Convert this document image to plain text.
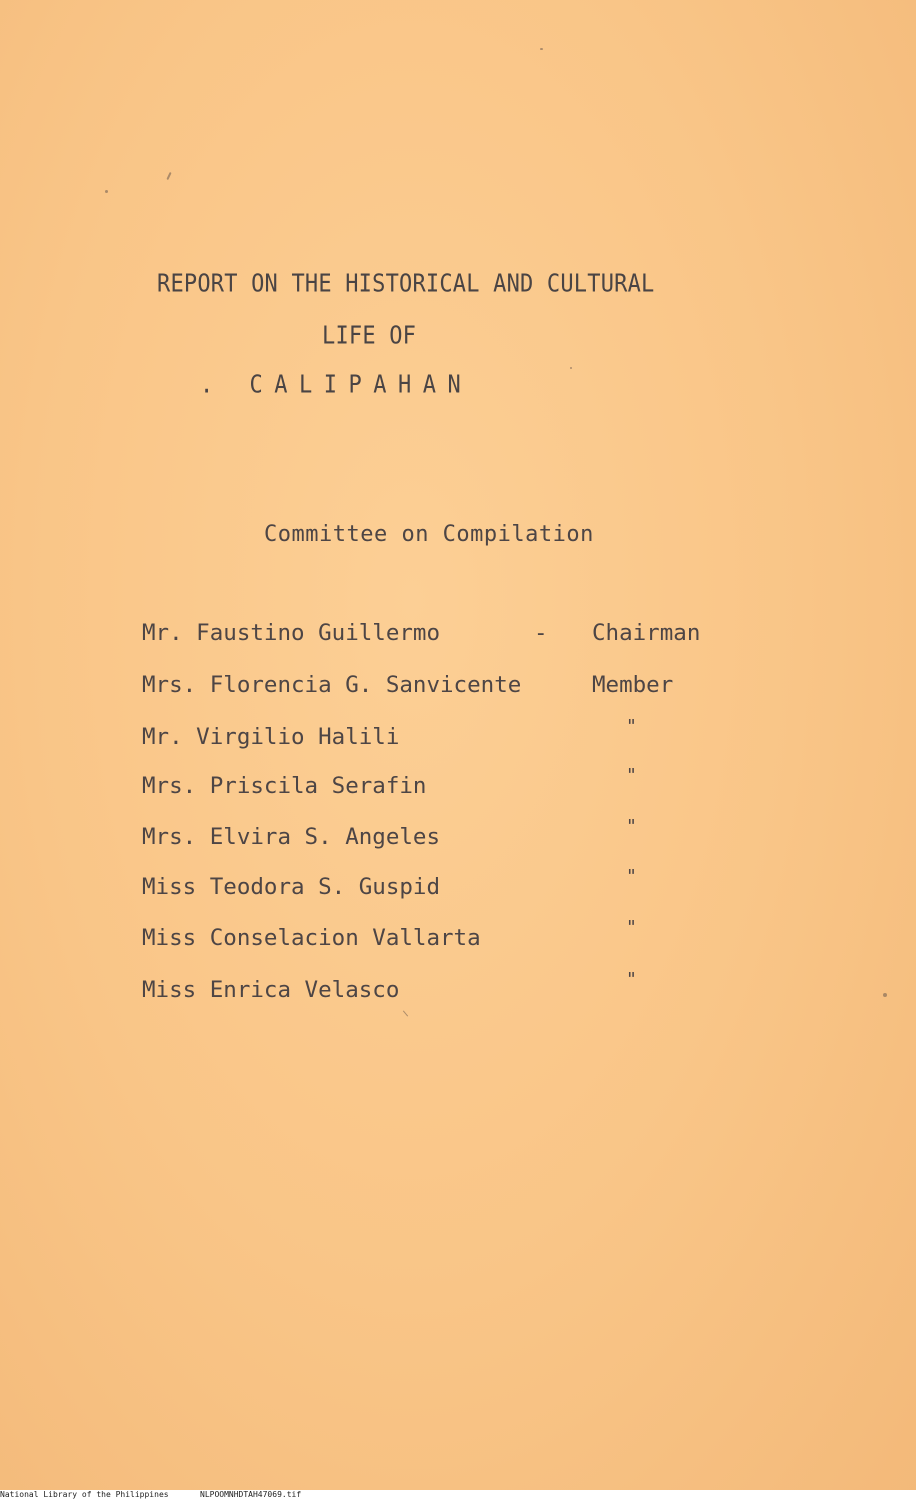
REPORT ON THE HISTORICAL AND CULTURAL
LIFE OF
. CALIPAHAN
Committee on Compilation
Mr. Faustino Guillermo	- Chairman
Mrs. Florencia G. Sanvicente	Member
Mr. Virgilio Halili	"
Mrs. Priscila Serafin	"
Mrs. Elvira S. Angeles	"
Miss Teodora S. Guspid	"
Miss Conselacion Vallarta	"
Miss Enrica Velasco	"
National Library of the Philippines	NLPOOMNHDTAH47069.tif
